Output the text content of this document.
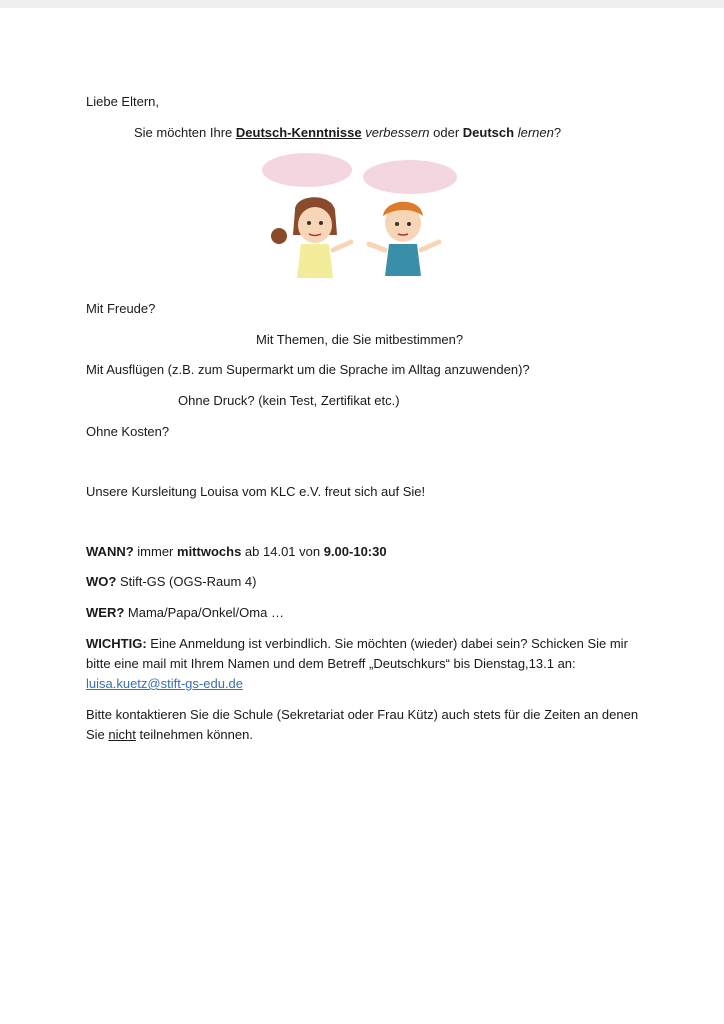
Liebe Eltern,
Sie möchten Ihre Deutsch-Kenntnisse verbessern oder Deutsch lernen?
Mit Freude?
Mit Themen, die Sie mitbestimmen?
Mit Ausflügen (z.B. zum Supermarkt um die Sprache im Alltag anzuwenden)?
Ohne Druck? (kein Test, Zertifikat etc.)
Ohne Kosten?
Unsere Kursleitung Louisa vom KLC e.V. freut sich auf Sie!
WANN? immer mittwochs ab 14.01 von 9.00-10:30
WO? Stift-GS (OGS-Raum 4)
WER? Mama/Papa/Onkel/Oma …
WICHTIG: Eine Anmeldung ist verbindlich. Sie möchten (wieder) dabei sein? Schicken Sie mir bitte eine mail mit Ihrem Namen und dem Betreff „Deutschkurs“ bis Dienstag,13.1 an: luisa.kuetz@stift-gs-edu.de
Bitte kontaktieren Sie die Schule (Sekretariat oder Frau Kütz) auch stets für die Zeiten an denen Sie nicht teilnehmen können.
